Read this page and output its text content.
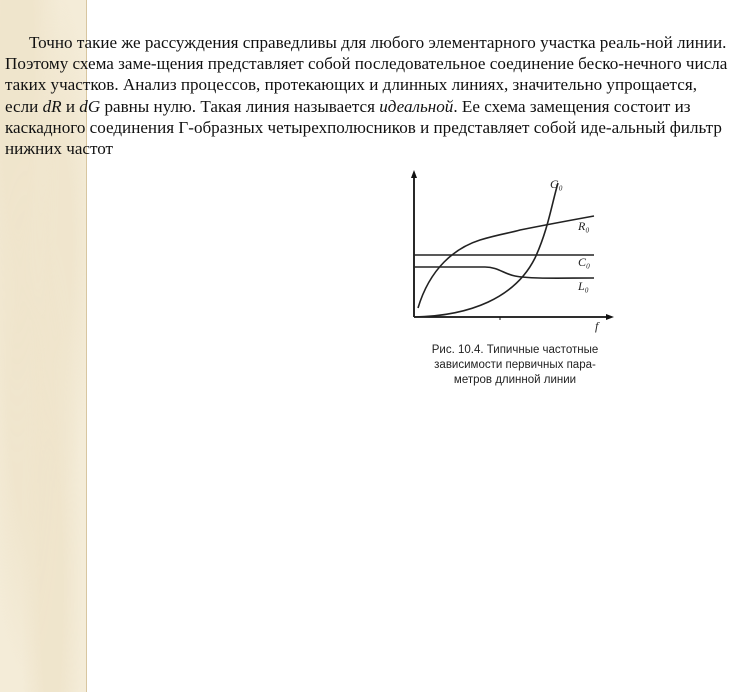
Точно такие же рассуждения справедливы для любого элементарного участка реаль-ной линии. Поэтому схема заме-щения представляет собой последовательное соединение беско-нечного числа таких участков. Анализ процессов, протекающих и длинных линиях, значительно упрощается, если dR и dG равны нулю. Такая линия называется идеальной. Ее схема замещения состоит из каскадного соединения Г-образных четырехполюсников и представляет собой иде-альный фильтр нижних частот

G₀
R₀
C₀
L₀
f
Рис. 10.4. Типичные частотные
зависимости первичных пара-
метров длинной линии
